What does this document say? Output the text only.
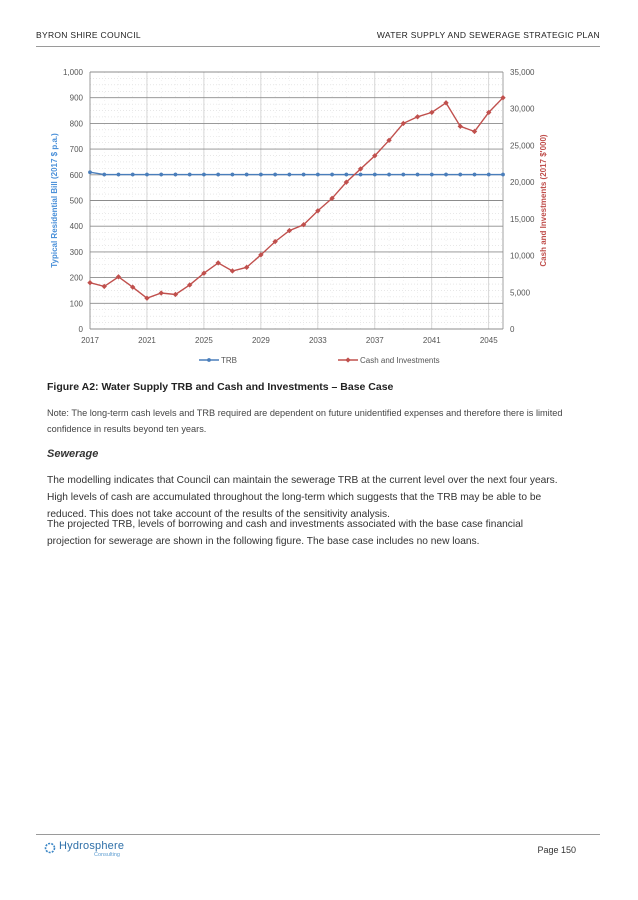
BYRON SHIRE COUNCIL	WATER SUPPLY AND SEWERAGE STRATEGIC PLAN
0
100
200
300
400
500
600
700
800
900
1,000
0
5,000
10,000
15,000
20,000
25,000
30,000
35,000
2017	2021	2025	2029	2033	2037	2041	2045
Typical Residential Bill (2017 $ p.a.)	Cash and Investments (2017 $'000)
TRB	Cash and Investments
Figure A2: Water Supply TRB and Cash and Investments – Base Case
Note: The long-term cash levels and TRB required are dependent on future unidentified expenses and therefore there is limited confidence in results beyond ten years.
Sewerage

The modelling indicates that Council can maintain the sewerage TRB at the current level over the next four years. High levels of cash are accumulated throughout the long-term which suggests that the TRB may be able to be reduced. This does not take account of the results of the sensitivity analysis.

The projected TRB, levels of borrowing and cash and investments associated with the base case financial projection for sewerage are shown in the following figure. The base case includes no new loans.

Hydrosphere
Consulting	Page 150
